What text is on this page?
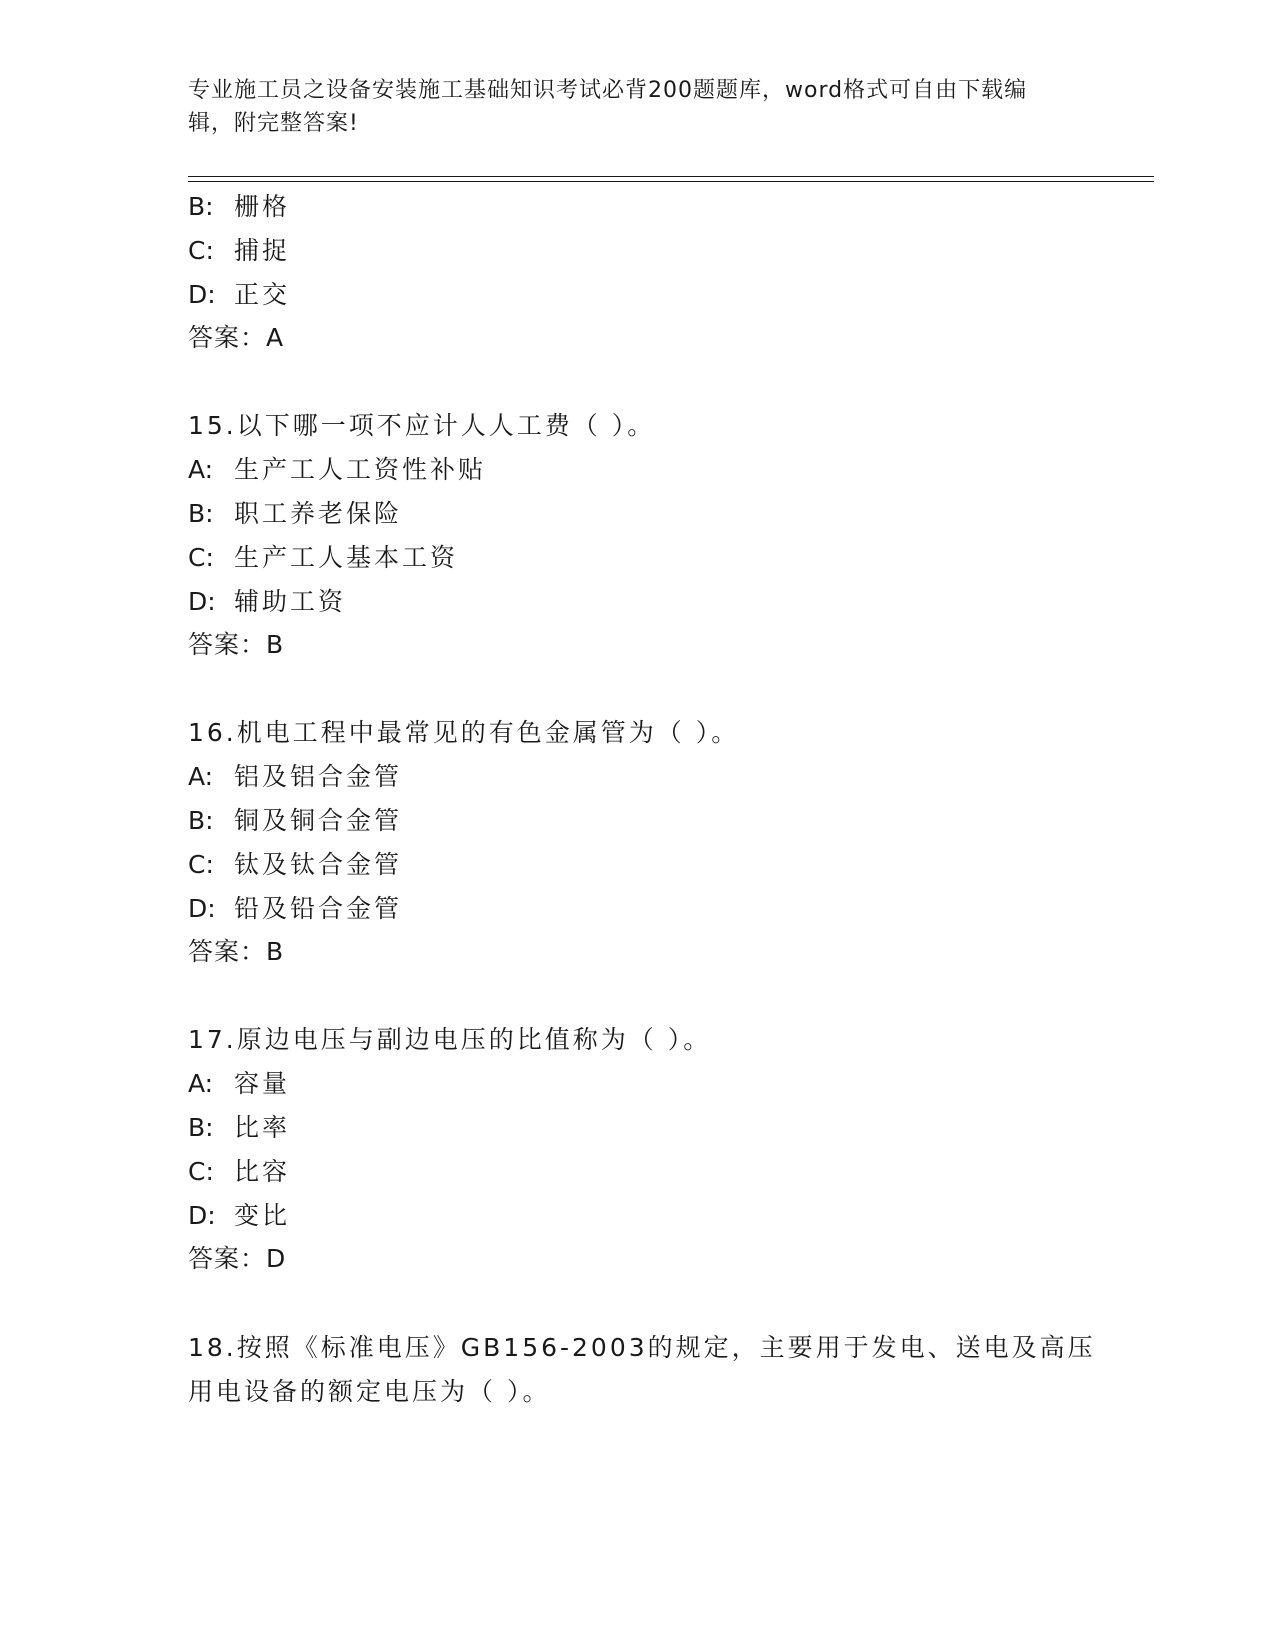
专业施工员之设备安装施工基础知识考试必背200题题库，word格式可自由下载编辑，附完整答案!
B: 栅格
C: 捕捉
D: 正交
答案：A
15.以下哪一项不应计人人工费（ ）。
A: 生产工人工资性补贴
B: 职工养老保险
C: 生产工人基本工资
D: 辅助工资
答案：B
16.机电工程中最常见的有色金属管为（ ）。
A: 铝及铝合金管
B: 铜及铜合金管
C: 钛及钛合金管
D: 铅及铅合金管
答案：B
17.原边电压与副边电压的比值称为（ ）。
A: 容量
B: 比率
C: 比容
D: 变比
答案：D
18.按照《标准电压》GB156-2003的规定，主要用于发电、送电及高压
用电设备的额定电压为（ ）。
